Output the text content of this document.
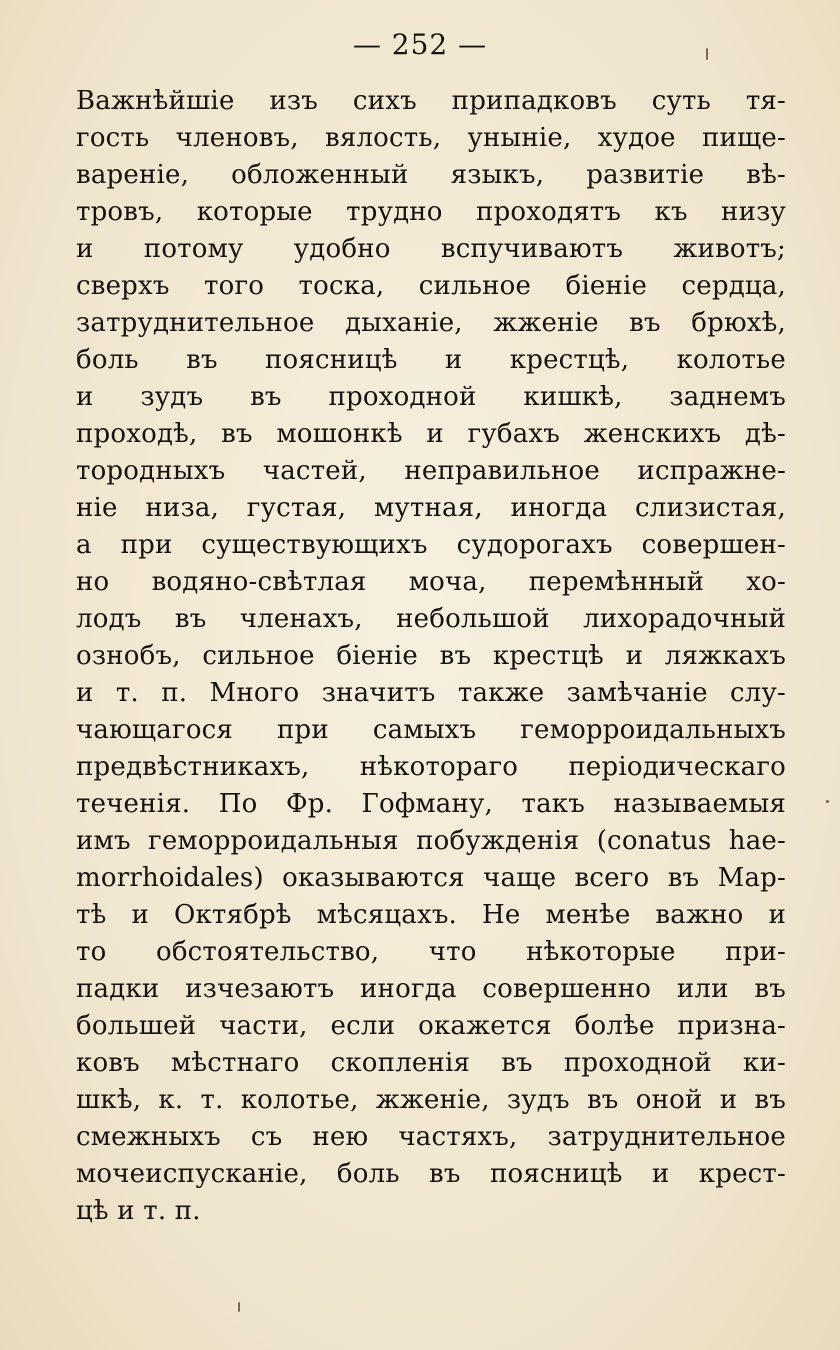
— 252 —
Важнѣйшіе изъ сихъ припадковъ суть тя-
гость членовъ, вялость, уныніе, худое пище-
вареніе, обложенный языкъ, развитіе вѣ-
тровъ, которые трудно проходятъ къ низу
и потому удобно вспучиваютъ животъ;
сверхъ того тоска, сильное біеніе сердца,
затруднительное дыханіе, жженіе въ брюхѣ,
боль въ поясницѣ и крестцѣ, колотье
и зудъ въ проходной кишкѣ, заднемъ
проходѣ, въ мошонкѣ и губахъ женскихъ дѣ-
тородныхъ частей, неправильное испражне-
ніе низа, густая, мутная, иногда слизистая,
а при существующихъ судорогахъ совершен-
но водяно-свѣтлая моча, перемѣнный хо-
лодъ въ членахъ, небольшой лихорадочный
ознобъ, сильное біеніе въ крестцѣ и ляжкахъ
и т. п. Много значитъ также замѣчаніе слу-
чающагося при самыхъ геморроидальныхъ
предвѣстникахъ, нѣкотораго періодическаго
теченія. По Фр. Гофману, такъ называемыя
имъ геморроидальныя побужденія (conatus haе-
morrhoidales) оказываются чаще всего въ Мар-
тѣ и Октябрѣ мѣсяцахъ. Не менѣе важно и
то обстоятельство, что нѣкоторые при-
падки изчезаютъ иногда совершенно или въ
большей части, если окажется болѣе призна-
ковъ мѣстнаго скопленія въ проходной ки-
шкѣ, к. т. колотье, жженіе, зудъ въ оной и въ
смежныхъ съ нею частяхъ, затруднительное
мочеиспусканіе, боль въ поясницѣ и крест-
цѣ и т. п.
